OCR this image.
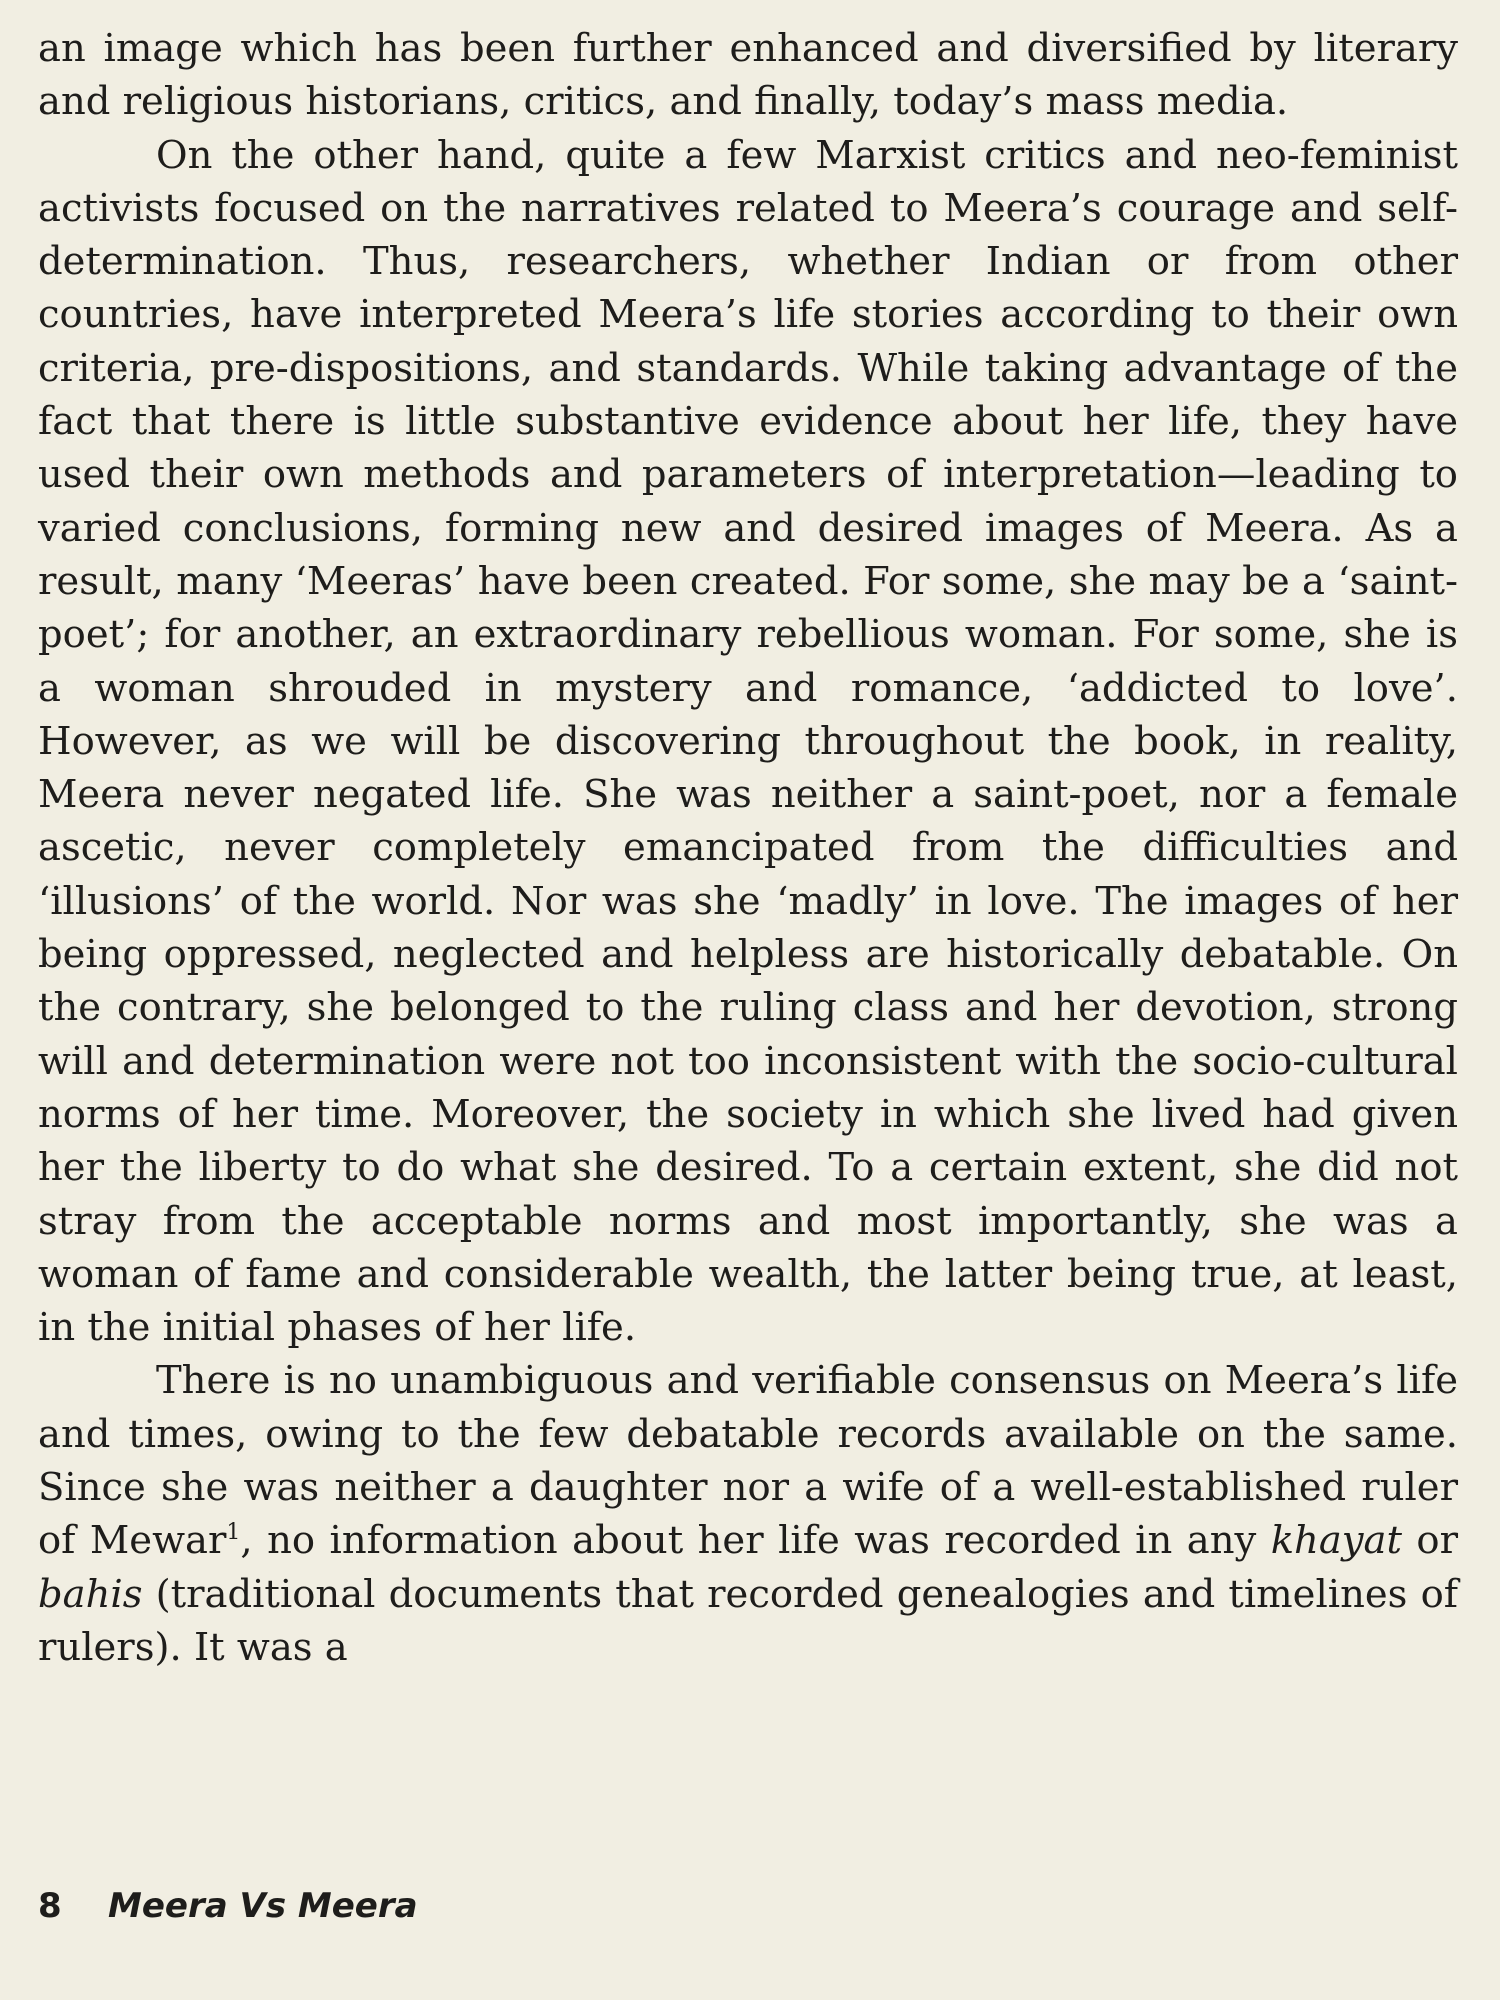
an image which has been further enhanced and diversified by literary and religious historians, critics, and finally, today’s mass media.

On the other hand, quite a few Marxist critics and neo-feminist activists focused on the narratives related to Meera’s courage and self-determination. Thus, researchers, whether Indian or from other countries, have interpreted Meera’s life stories according to their own criteria, pre-dispositions, and standards. While taking advantage of the fact that there is little substantive evidence about her life, they have used their own methods and parameters of interpretation—leading to varied conclusions, forming new and desired images of Meera. As a result, many ‘Meeras’ have been created. For some, she may be a ‘saint-poet’; for another, an extraordinary rebellious woman. For some, she is a woman shrouded in mystery and romance, ‘addicted to love’. However, as we will be discovering throughout the book, in reality, Meera never negated life. She was neither a saint-poet, nor a female ascetic, never completely emancipated from the difficulties and ‘illusions’ of the world. Nor was she ‘madly’ in love. The images of her being oppressed, neglected and helpless are historically debatable. On the contrary, she belonged to the ruling class and her devotion, strong will and determination were not too inconsistent with the socio-cultural norms of her time. Moreover, the society in which she lived had given her the liberty to do what she desired. To a certain extent, she did not stray from the acceptable norms and most importantly, she was a woman of fame and considerable wealth, the latter being true, at least, in the initial phases of her life.

There is no unambiguous and verifiable consensus on Meera’s life and times, owing to the few debatable records available on the same. Since she was neither a daughter nor a wife of a well-established ruler of Mewar$^1$, no information about her life was recorded in any khayat or bahis (traditional documents that recorded genealogies and timelines of rulers). It was a

8 Meera Vs Meera
